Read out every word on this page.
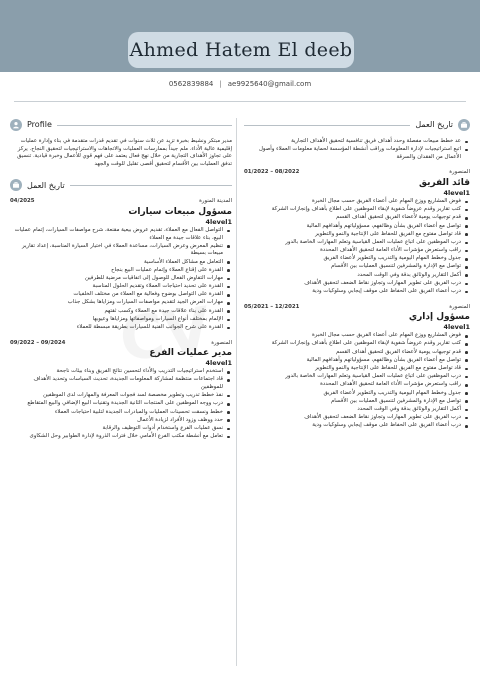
Ahmed Hatem El deeb
0562839884 | ae9925640@gmail.com
Profile
مدير مبتكر ونشيط بخبرة تزيد عن ثلاث سنوات في تقديم قدرات متقدمة في بناء وإدارة عمليات إقليمية عالية الأداء. ملم جيداً بممارسات العمليات والاتجاهات والاستراتيجيات لتحقيق النجاح. يركز على تجاوز الأهداف التجارية من خلال نهج فعال يعتمد على فهم قوي للأعمال وخبرة قيادية. تنسيق تدفق العمليات بين الأقسام لتحقيق أقصى تقليل للوقت والجهد
تاريخ العمل
المدينة المنورة
04/2025
مسؤول مبيعات سيارات
4level1
التواصل الفعال مع العملاء، تقديم عروض بيعية مقنعة، شرح مواصفات السيارات، إتمام عمليات البيع، بناء علاقات جيدة مع العملاء
تنظيم المعرض وعرض السيارات، مساعدة العملاء في اختيار السيارة المناسبة، إعداد تقارير مبيعات بسيطة
التعامل مع مشاكل العملاء الأساسية
القدرة على إقناع العملاء وإتمام عمليات البيع بنجاح
مهارات التفاوض الفعال للوصول إلى اتفاقيات مرضية للطرفين
القدرة على تحديد احتياجات العملاء وتقديم الحلول المناسبة
القدرة على التواصل بوضوح وفعالية مع العملاء من مختلف الخلفيات
مهارات العرض الجيد لتقديم مواصفات السيارات ومزاياها بشكل جذاب
القدرة على بناء علاقات جيدة مع العملاء وكسب ثقتهم
الإلمام بمختلف أنواع السيارات ومواصفاتها ومزاياها وعيوبها
القدرة على شرح الجوانب الفنية للسيارات بطريقة مبسطة للعملاء
المنصورة
09/2022 – 09/2024
مدير عمليات الفرع
4level1
استخدم استراتيجيات التدريب والأداء لتحسين نتائج الفريق وبناء بيئات ناجحة
قاد اجتماعات منتظمة لمشاركة المعلومات الجديدة، تحديث السياسات وتحديد الأهداف للموظفين
نفذ خطط تدريب وتطوير مخصصة لسد فجوات المعرفة والمهارات لدى الموظفين
درب ووجه الموظفين على المنتجات الثانية الجديدة وتقنيات البيع الإضافي والبيع المتقاطع
خطط ونسقت تحسينات العمليات والمبادرات الجديدة لتلبية احتياجات العملاء
حدد ووظف وزود الأفراد لزيادة الأعمال
نسق عمليات الفرع واستخدام أدوات التوظيف والرقابة
تعامل مع أنشطة مكتب الفرع الأمامي خلال فترات الذروة لإدارة الطوابير وحل الشكاوى
تاريخ العمل
عد خطط مبيعات مفصلة وحدد أهداف فريق تنافسية لتحقيق الأهداف التجارية
اتبع استراتيجيات لإدارة المعلومات وراقب أنشطة المؤسسة لحماية معلومات العملاء وأصول الأعمال من الفقدان والسرقة
المنصورة
01/2022 – 08/2022
قائد الفريق
4level1
فوض المشاريع ووزع المهام على أعضاء الفريق حسب مجال الخبرة
كتب تقارير وقدم عروضاً شفوية لإبقاء الموظفين على اطلاع بأهداف وإنجازات الشركة
قدم توجيهات يومية لأعضاء الفريق لتحقيق أهداف القسم
تواصل مع أعضاء الفريق بشأن وظائفهم، مسؤولياتهم وأهدافهم المالية
قاد تواصل مفتوح مع الفريق للحفاظ على الإنتاجية والنمو والتطوير
درب الموظفين على اتباع عمليات العمل القياسية وتعلم المهارات الخاصة بالدور
راقب واستعرض مؤشرات الأداء العامة لتحقيق الأهداف المحددة
جدول وخطط المهام اليومية والتدريب والتطوير لأعضاء الفريق
تواصل مع الإدارة والمشرفين لتنسيق العمليات بين الأقسام
أكمل التقارير والوثائق بدقة وفي الوقت المحدد
درب الفريق على تطوير المهارات وتجاوز نقاط الضعف لتحقيق الأهداف
درب أعضاء الفريق على الحفاظ على موقف إيجابي وسلوكيات ودية
المنصورة
05/2021 – 12/2021
مسؤول إداري
4level1
فوض المشاريع ووزع المهام على أعضاء الفريق حسب مجال الخبرة
كتب تقارير وقدم عروضاً شفوية لإبقاء الموظفين على اطلاع بأهداف وإنجازات الشركة
قدم توجيهات يومية لأعضاء الفريق لتحقيق أهداف القسم
تواصل مع أعضاء الفريق بشأن وظائفهم، مسؤولياتهم وأهدافهم المالية
قاد تواصل مفتوح مع الفريق للحفاظ على الإنتاجية والنمو والتطوير
درب الموظفين على اتباع عمليات العمل القياسية وتعلم المهارات الخاصة بالدور
راقب واستعرض مؤشرات الأداء العامة لتحقيق الأهداف المحددة
جدول وخطط المهام اليومية والتدريب والتطوير لأعضاء الفريق
تواصل مع الإدارة والمشرفين لتنسيق العمليات بين الأقسام
أكمل التقارير والوثائق بدقة وفي الوقت المحدد
درب الفريق على تطوير المهارات وتجاوز نقاط الضعف لتحقيق الأهداف
درب أعضاء الفريق على الحفاظ على موقف إيجابي وسلوكيات ودية
